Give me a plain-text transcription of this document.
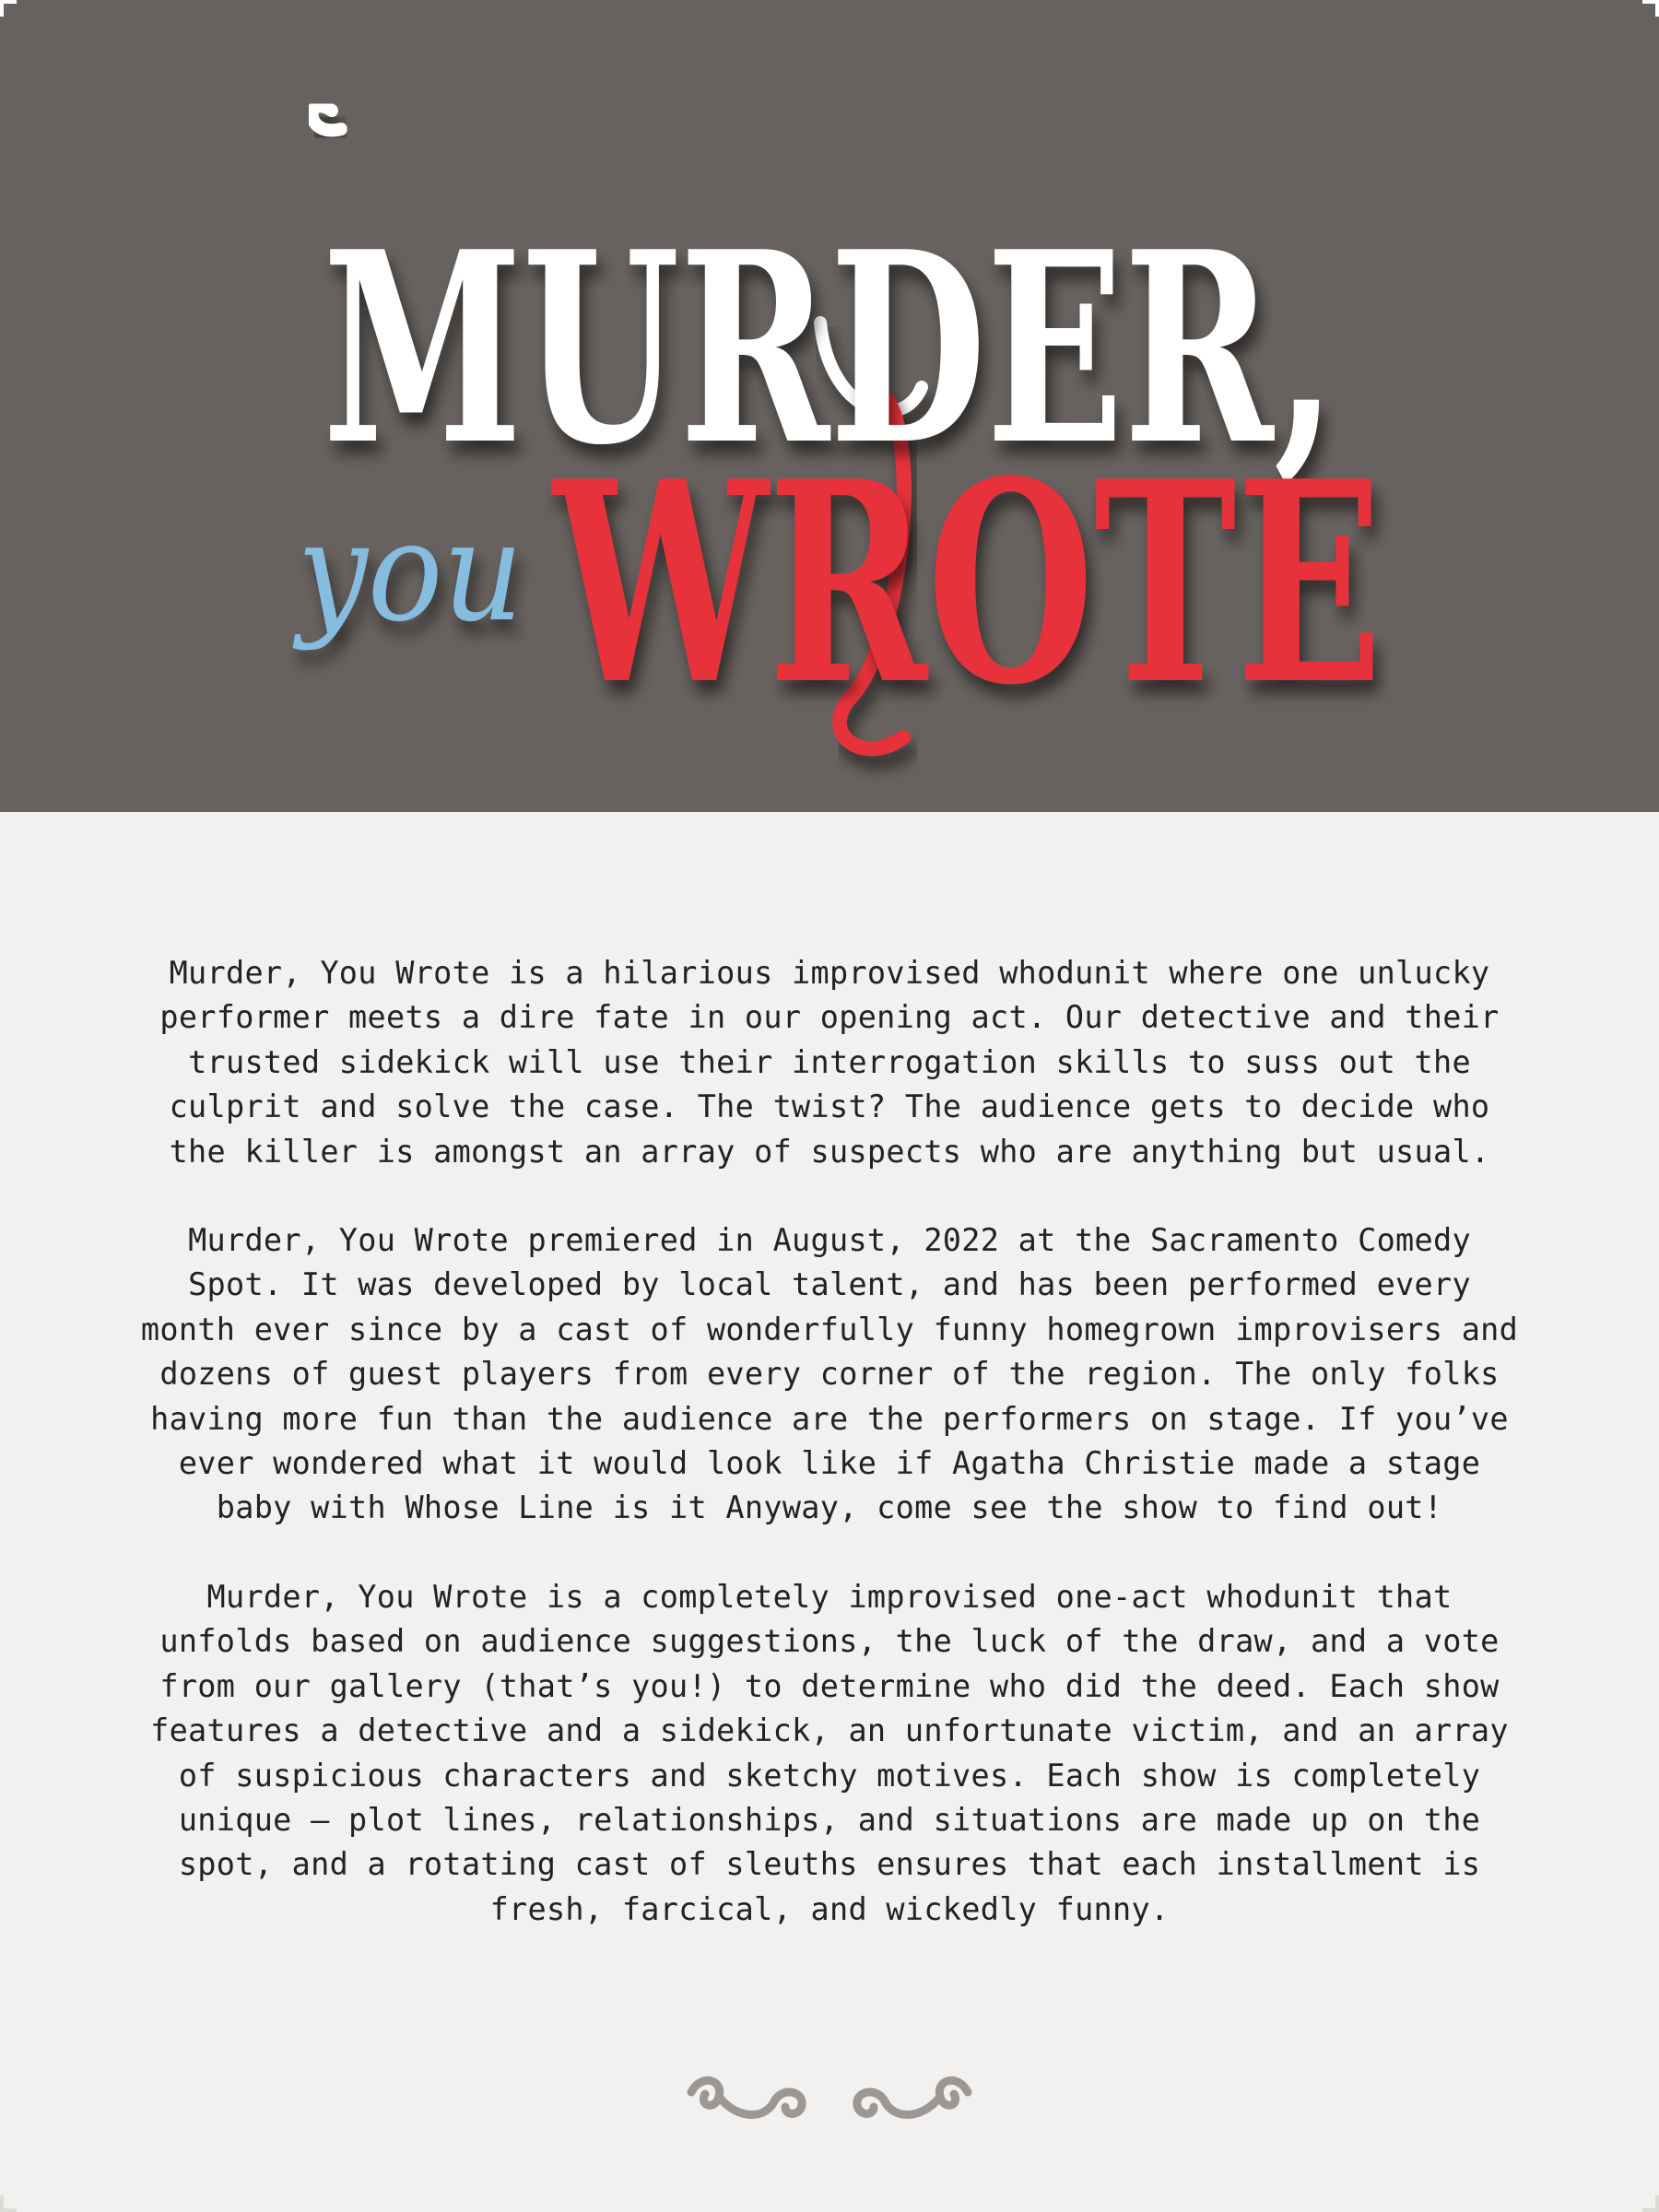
MURDER,
you WROTE

Murder, You Wrote is a hilarious improvised whodunit where one unlucky performer meets a dire fate in our opening act. Our detective and their trusted sidekick will use their interrogation skills to suss out the culprit and solve the case. The twist? The audience gets to decide who the killer is amongst an array of suspects who are anything but usual.

Murder, You Wrote premiered in August, 2022 at the Sacramento Comedy Spot. It was developed by local talent, and has been performed every month ever since by a cast of wonderfully funny homegrown improvisers and dozens of guest players from every corner of the region. The only folks having more fun than the audience are the performers on stage. If you’ve ever wondered what it would look like if Agatha Christie made a stage baby with Whose Line is it Anyway, come see the show to find out!

Murder, You Wrote is a completely improvised one-act whodunit that unfolds based on audience suggestions, the luck of the draw, and a vote from our gallery (that’s you!) to determine who did the deed. Each show features a detective and a sidekick, an unfortunate victim, and an array of suspicious characters and sketchy motives. Each show is completely unique — plot lines, relationships, and situations are made up on the spot, and a rotating cast of sleuths ensures that each installment is fresh, farcical, and wickedly funny.
